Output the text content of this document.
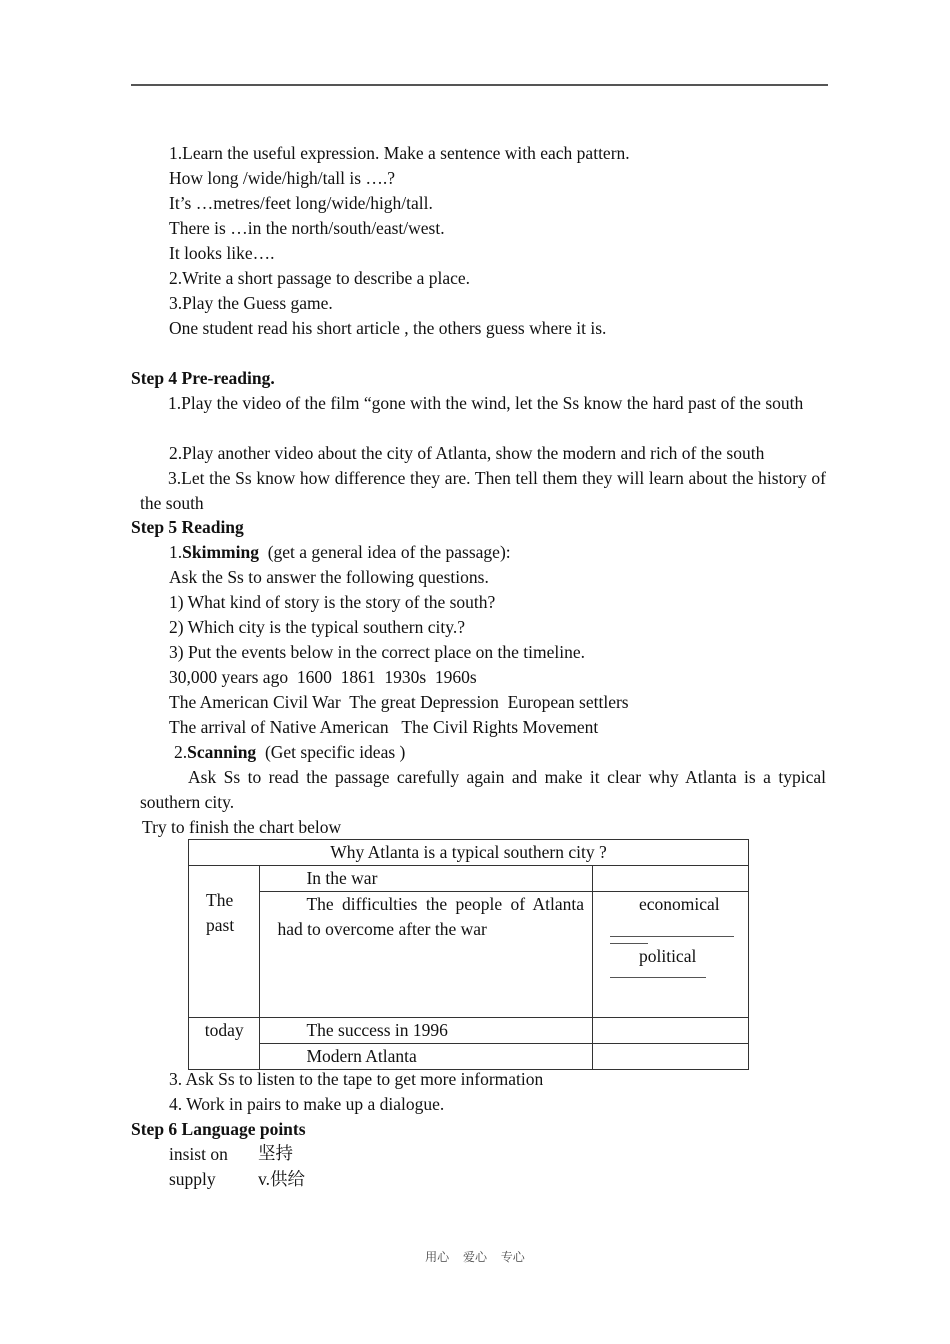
1.Learn the useful expression. Make a sentence with each pattern.
How long /wide/high/tall is ….?
It’s …metres/feet long/wide/high/tall.
There is …in the north/south/east/west.
It looks like….
2.Write a short passage to describe a place.
3.Play the Guess game.
One student read his short article , the others guess where it is.
Step 4 Pre-reading.
1.Play the video of the film “gone with the wind, let the Ss know the hard past of the south
2.Play another video about the city of Atlanta, show the modern and rich of the south
3.Let the Ss know how difference they are. Then tell them they will learn about the history of the south
Step 5 Reading
1.Skimming  (get a general idea of the passage):
Ask the Ss to answer the following questions.
1) What kind of story is the story of the south?
2) Which city is the typical southern city.?
3) Put the events below in the correct place on the timeline.
30,000 years ago  1600  1861  1930s  1960s
The American Civil War  The great Depression  European settlers
The arrival of Native American   The Civil Rights Movement
2.Scanning  (Get specific ideas )
Ask Ss to read the passage carefully again and make it clear why Atlanta is a typical southern city.
Try to finish the chart below
Why Atlanta is a typical southern city ?		

The past	In the war	
	The difficulties the people of Atlanta had to overcome after the war	economical
political

today	The success in 1996	
	Modern Atlanta	
3. Ask Ss to listen to the tape to get more information
4. Work in pairs to make up a dialogue.
Step 6 Language points
insist on 坚持
supply v.供给
用心 爱心 专心
